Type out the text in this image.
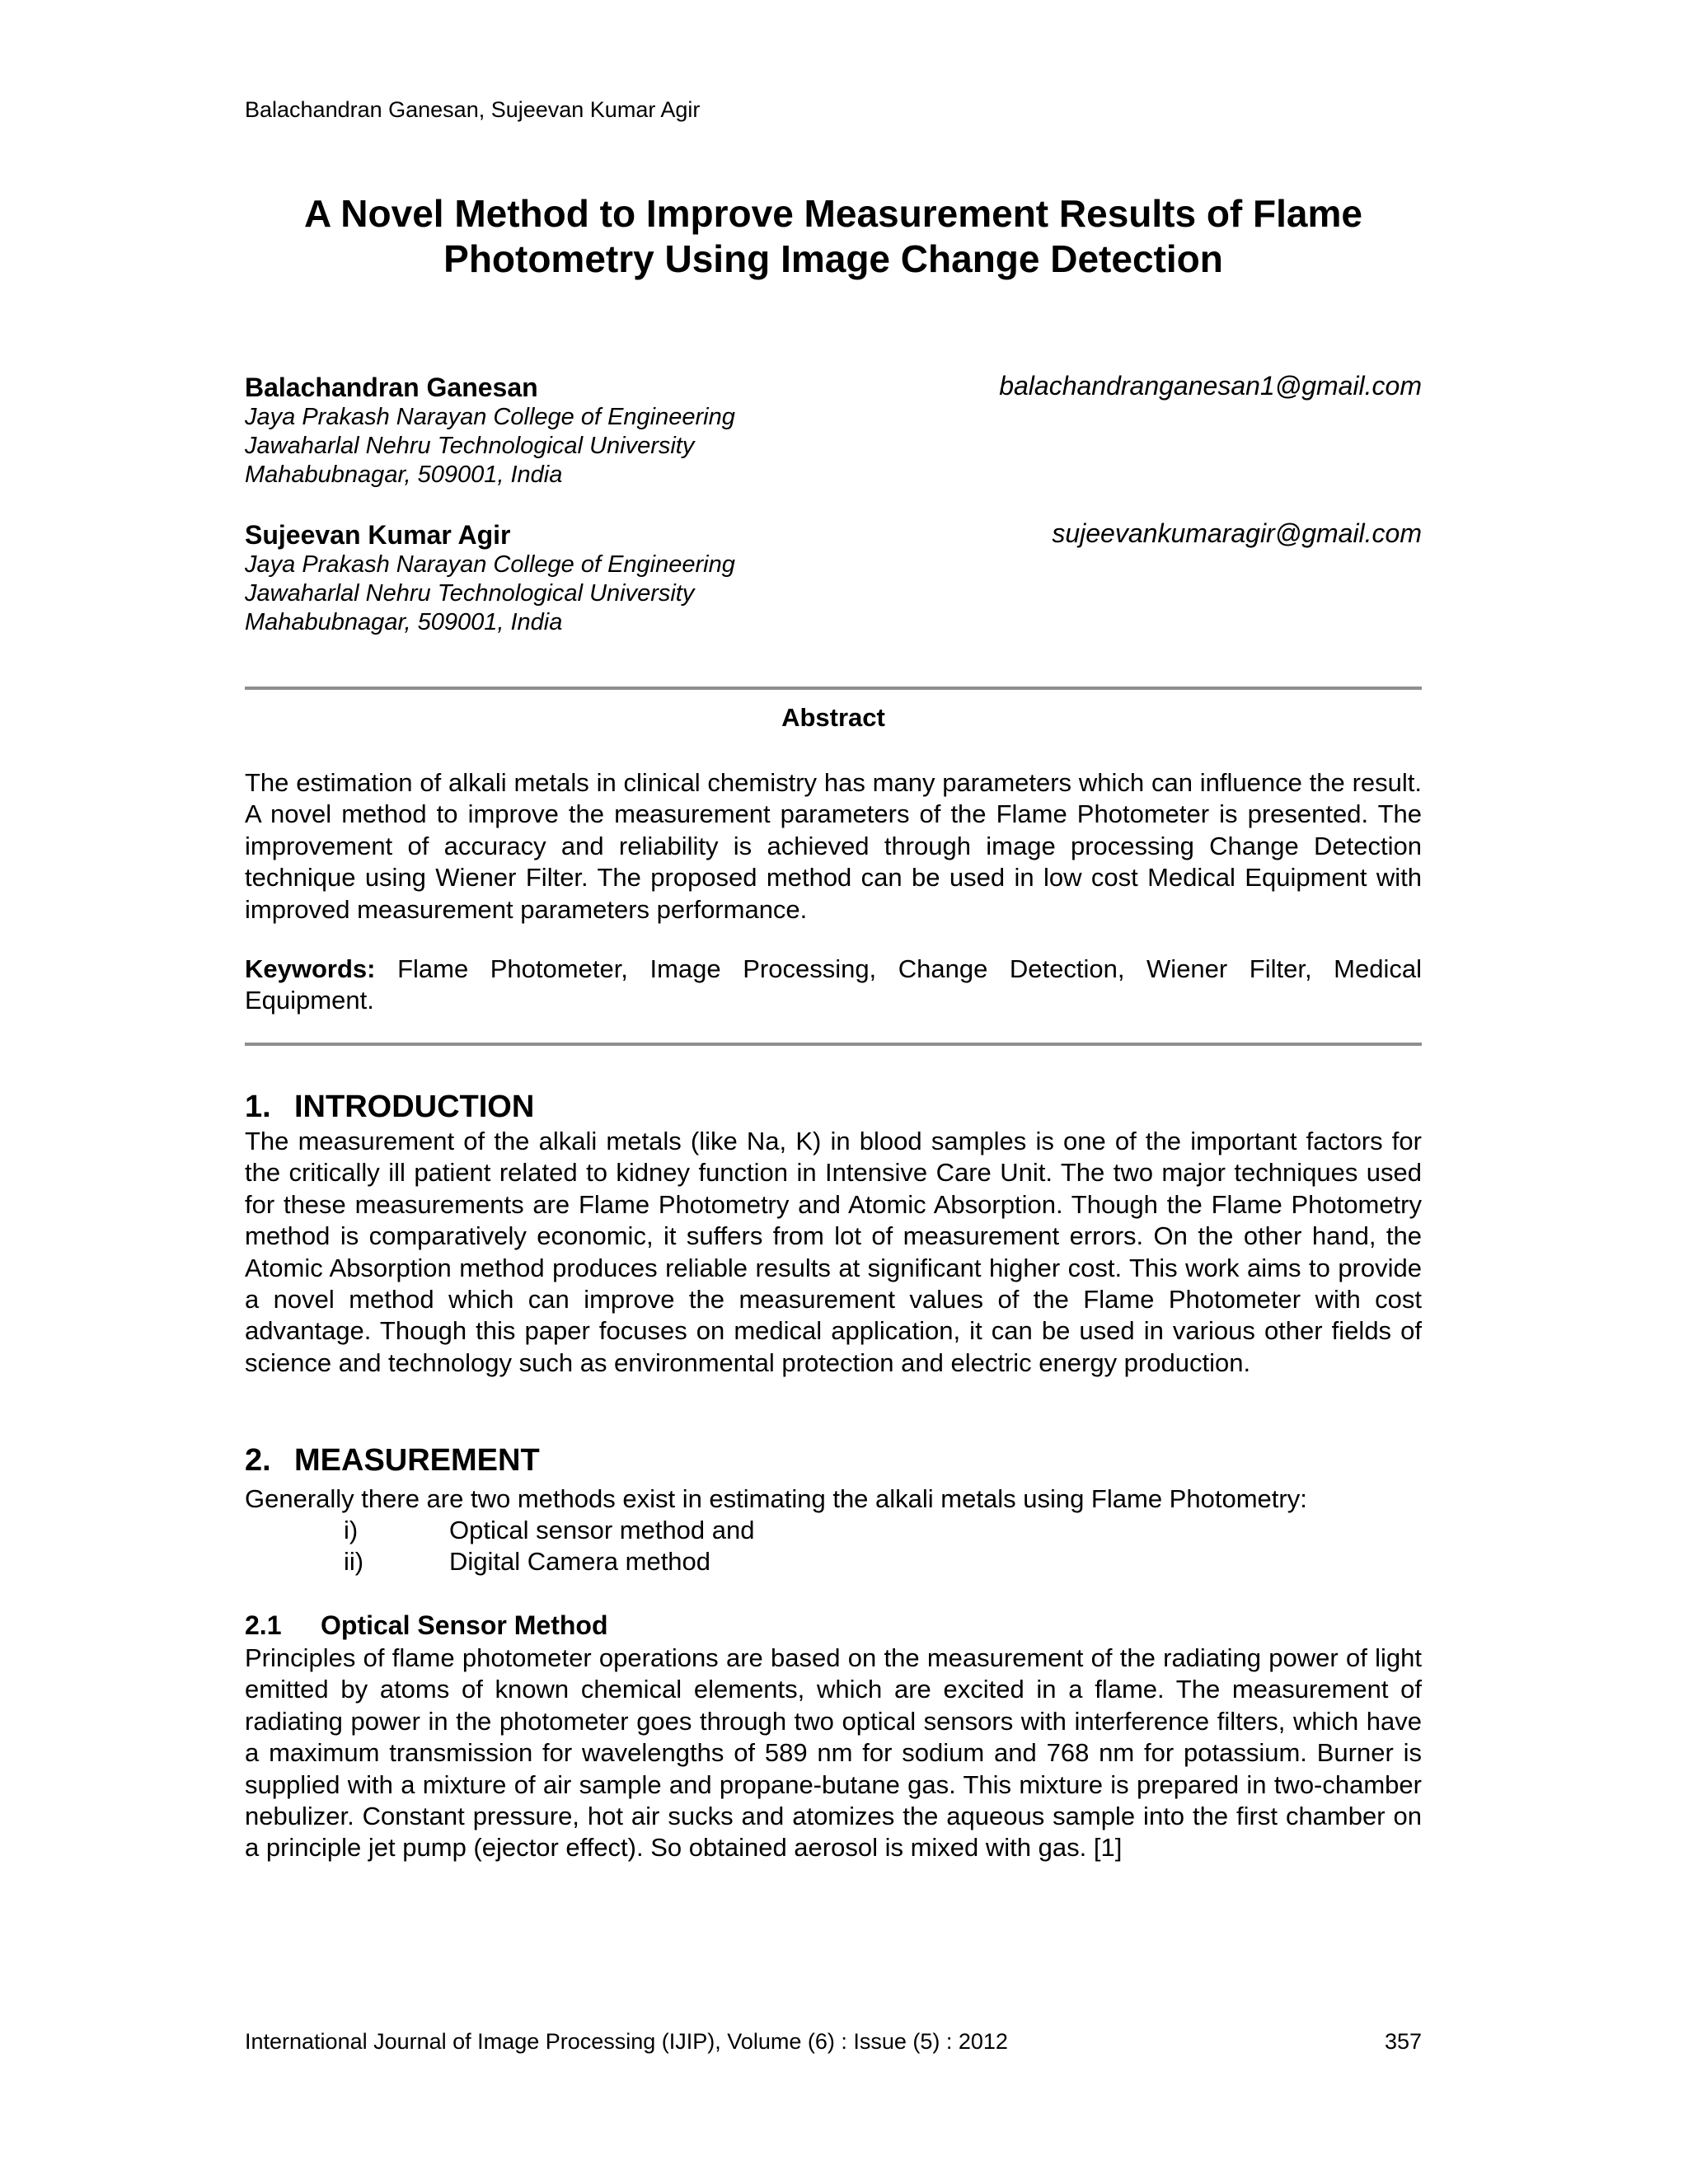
Balachandran Ganesan, Sujeevan Kumar Agir
A Novel Method to Improve Measurement Results of Flame
Photometry Using Image Change Detection
Balachandran Ganesan	balachandranganesan1@gmail.com
Jaya Prakash Narayan College of Engineering
Jawaharlal Nehru Technological University
Mahabubnagar, 509001, India
Sujeevan Kumar Agir	sujeevankumaragir@gmail.com
Jaya Prakash Narayan College of Engineering
Jawaharlal Nehru Technological University
Mahabubnagar, 509001, India
Abstract

The estimation of alkali metals in clinical chemistry has many parameters which can influence the result. A novel method to improve the measurement parameters of the Flame Photometer is presented. The improvement of accuracy and reliability is achieved through image processing Change Detection technique using Wiener Filter. The proposed method can be used in low cost Medical Equipment with improved measurement parameters performance.

Keywords: Flame Photometer, Image Processing, Change Detection, Wiener Filter, Medical Equipment.

1. INTRODUCTION

The measurement of the alkali metals (like Na, K) in blood samples is one of the important factors for the critically ill patient related to kidney function in Intensive Care Unit. The two major techniques used for these measurements are Flame Photometry and Atomic Absorption. Though the Flame Photometry method is comparatively economic, it suffers from lot of measurement errors. On the other hand, the Atomic Absorption method produces reliable results at significant higher cost. This work aims to provide a novel method which can improve the measurement values of the Flame Photometer with cost advantage. Though this paper focuses on medical application, it can be used in various other fields of science and technology such as environmental protection and electric energy production.

2. MEASUREMENT

Generally there are two methods exist in estimating the alkali metals using Flame Photometry:

i)	Optical sensor method and
ii)	Digital Camera method
2.1 Optical Sensor Method

Principles of flame photometer operations are based on the measurement of the radiating power of light emitted by atoms of known chemical elements, which are excited in a flame. The measurement of radiating power in the photometer goes through two optical sensors with interference filters, which have a maximum transmission for wavelengths of 589 nm for sodium and 768 nm for potassium. Burner is supplied with a mixture of air sample and propane-butane gas. This mixture is prepared in two-chamber nebulizer. Constant pressure, hot air sucks and atomizes the aqueous sample into the first chamber on a principle jet pump (ejector effect). So obtained aerosol is mixed with gas. [1]

International Journal of Image Processing (IJIP), Volume (6) : Issue (5) : 2012	357
